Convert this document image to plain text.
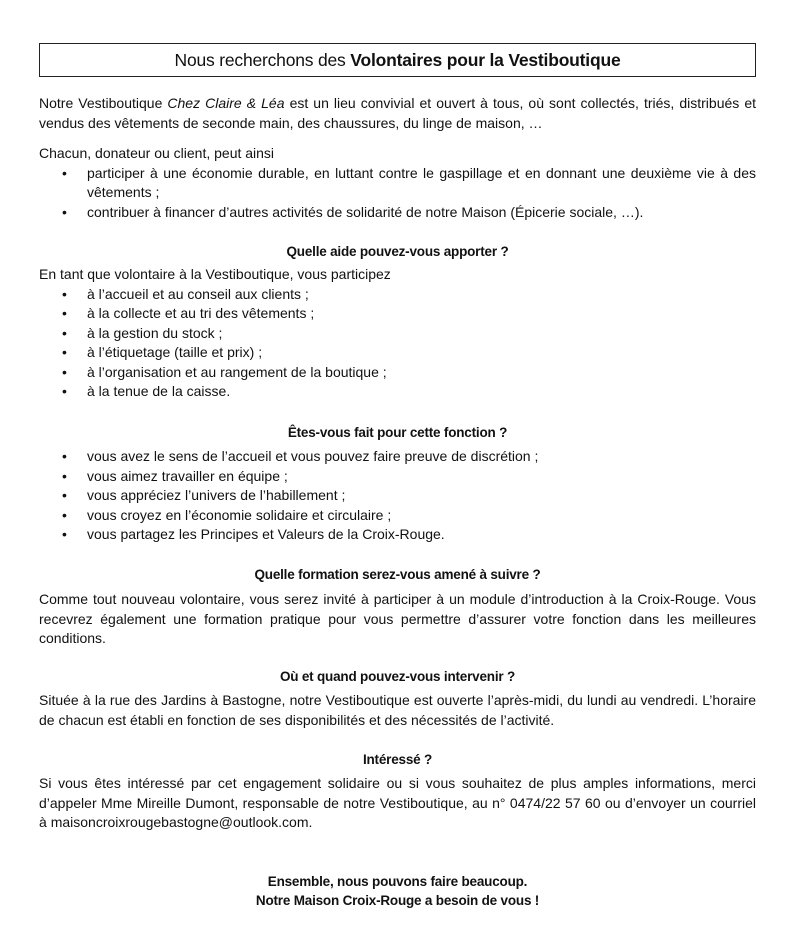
Nous recherchons des Volontaires pour la Vestiboutique

Notre Vestiboutique Chez Claire & Léa est un lieu convivial et ouvert à tous, où sont collectés, triés, distribués et vendus des vêtements de seconde main, des chaussures, du linge de maison, …

Chacun, donateur ou client, peut ainsi

• participer à une économie durable, en luttant contre le gaspillage et en donnant une deuxième vie à des vêtements ;
• contribuer à financer d’autres activités de solidarité de notre Maison (Épicerie sociale, …).
Quelle aide pouvez-vous apporter ?

En tant que volontaire à la Vestiboutique, vous participez

• à l’accueil et au conseil aux clients ;
• à la collecte et au tri des vêtements ;
• à la gestion du stock ;
• à l’étiquetage (taille et prix) ;
• à l’organisation et au rangement de la boutique ;
• à la tenue de la caisse.
Êtes-vous fait pour cette fonction ?
• vous avez le sens de l’accueil et vous pouvez faire preuve de discrétion ;
• vous aimez travailler en équipe ;
• vous appréciez l’univers de l’habillement ;
• vous croyez en l’économie solidaire et circulaire ;
• vous partagez les Principes et Valeurs de la Croix-Rouge.
Quelle formation serez-vous amené à suivre ?

Comme tout nouveau volontaire, vous serez invité à participer à un module d’introduction à la Croix-Rouge. Vous recevrez également une formation pratique pour vous permettre d’assurer votre fonction dans les meilleures conditions.

Où et quand pouvez-vous intervenir ?

Située à la rue des Jardins à Bastogne, notre Vestiboutique est ouverte l’après-midi, du lundi au vendredi. L’horaire de chacun est établi en fonction de ses disponibilités et des nécessités de l’activité.

Intéressé ?

Si vous êtes intéressé par cet engagement solidaire ou si vous souhaitez de plus amples informations, merci d’appeler Mme Mireille Dumont, responsable de notre Vestiboutique, au n° 0474/22 57 60 ou d’envoyer un courriel à maisoncroixrougebastogne@outlook.com.

Ensemble, nous pouvons faire beaucoup.
Notre Maison Croix-Rouge a besoin de vous !
